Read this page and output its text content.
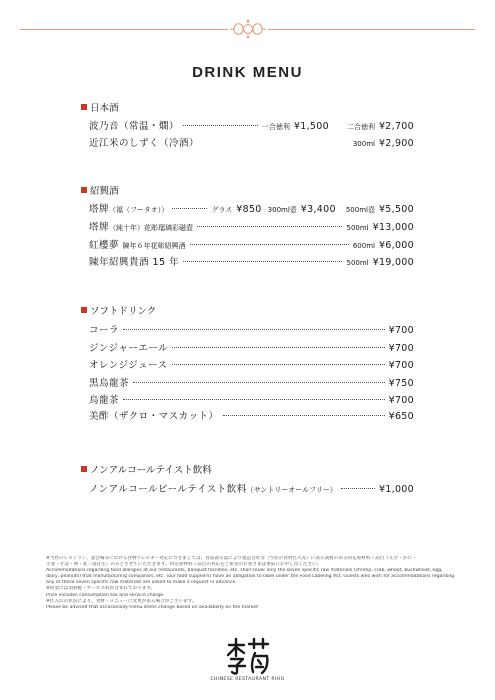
DRINK MENU
日本酒
波乃音（常温・燗）	一合徳利 ¥1,500	二合徳利 ¥2,700
近江米のしずく（冷酒）	300ml ¥2,900
紹興酒
塔牌（福（フータオ））	グラス ¥850 300ml壺 ¥3,400 500ml壺 ¥5,500
塔牌（純十年）花彫瑠璃彩磁壺	500ml ¥13,000
紅樓夢 陳年６年花彫紹興酒	600ml ¥6,000
陳年紹興貴酒 15 年	500ml ¥19,000
ソフトドリンク
コーラ	¥700
ジンジャーエール	¥700
オレンジジュース	¥700
黒烏龍茶	¥750
烏龍茶	¥700
美酢（ザクロ・マスカット）	¥650
ノンアルコールテイスト飲料
ノンアルコールビールテイスト飲料（サントリーオールフリー）	¥1,000
※当社のレストラン、宴会場等における食物アレルギー対応につきましては、食品表示法により製造会社等（当社の食材仕入先）に表示義務のある特定原材料７品目（えび・かに・
小麦・そば・卵・乳・落花生）のみとさせていただきます。特定原材料７品目の対応をご希望のお客さまは事前にお申し出ください。
Accommodations regarding food allergies at our restaurants, banquet facilities, etc. shall cover only the seven specific raw materials (shrimp, crab, wheat, buckwheat, egg,
dairy, peanuts) that manufacturing companies, etc. (our food suppliers) have an obligation to label under the Food Labeling Act. Guests who wish for accommodations regarding
any of these seven specific raw materials are asked to make a request in advance.
※料金には消費税・サービス料が含まれております。
Price includes consumption tax and service charge.
※仕入れの状況により、食材・メニューに変更がある場合がございます。
Please be advised that occasionally menu items change based on availability on the market
CHINESE RESTAURANT RIHO
